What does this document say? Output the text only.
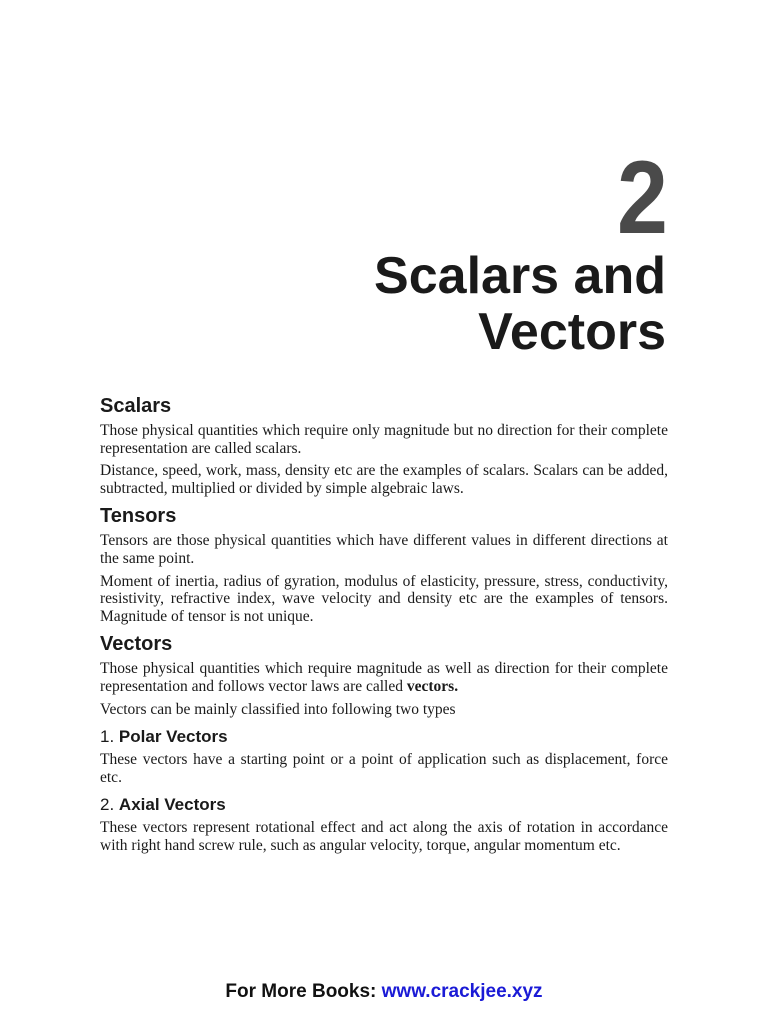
2
Scalars and
Vectors
Scalars

Those physical quantities which require only magnitude but no direction for their complete representation are called scalars.

Distance, speed, work, mass, density etc are the examples of scalars. Scalars can be added, subtracted, multiplied or divided by simple algebraic laws.

Tensors

Tensors are those physical quantities which have different values in different directions at the same point.

Moment of inertia, radius of gyration, modulus of elasticity, pressure, stress, conductivity, resistivity, refractive index, wave velocity and density etc are the examples of tensors. Magnitude of tensor is not unique.

Vectors

Those physical quantities which require magnitude as well as direction for their complete representation and follows vector laws are called vectors.

Vectors can be mainly classified into following two types

1. Polar Vectors

These vectors have a starting point or a point of application such as displacement, force etc.

2. Axial Vectors

These vectors represent rotational effect and act along the axis of rotation in accordance with right hand screw rule, such as angular velocity, torque, angular momentum etc.

For More Books: www.crackjee.xyz
